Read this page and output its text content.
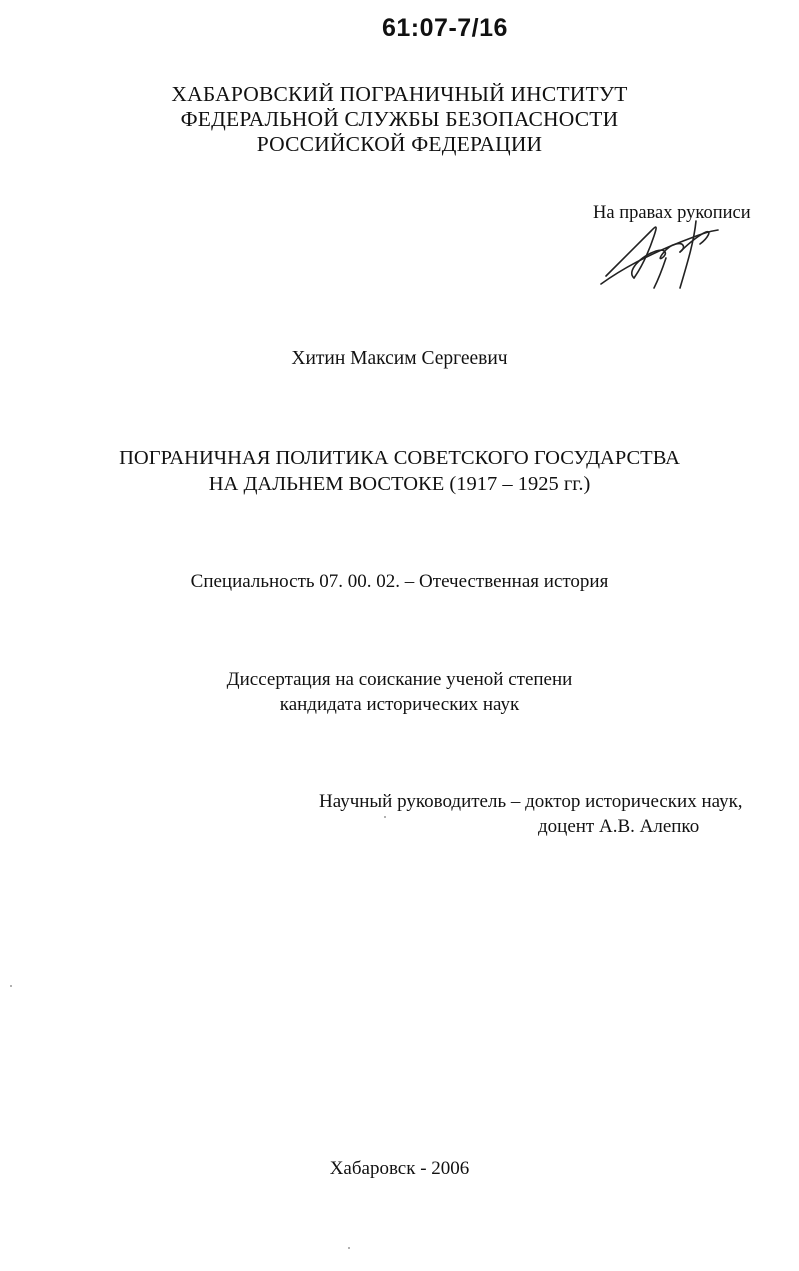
61:07-7/16
ХАБАРОВСКИЙ ПОГРАНИЧНЫЙ ИНСТИТУТ
ФЕДЕРАЛЬНОЙ СЛУЖБЫ БЕЗОПАСНОСТИ
РОССИЙСКОЙ ФЕДЕРАЦИИ
На правах рукописи
Хитин Максим Сергеевич
ПОГРАНИЧНАЯ ПОЛИТИКА СОВЕТСКОГО ГОСУДАРСТВА
НА ДАЛЬНЕМ ВОСТОКЕ (1917 – 1925 гг.)
Специальность 07. 00. 02. – Отечественная история
Диссертация на соискание ученой степени
кандидата исторических наук
Научный руководитель – доктор исторических наук,
доцент А.В. Алепко
Хабаровск - 2006
